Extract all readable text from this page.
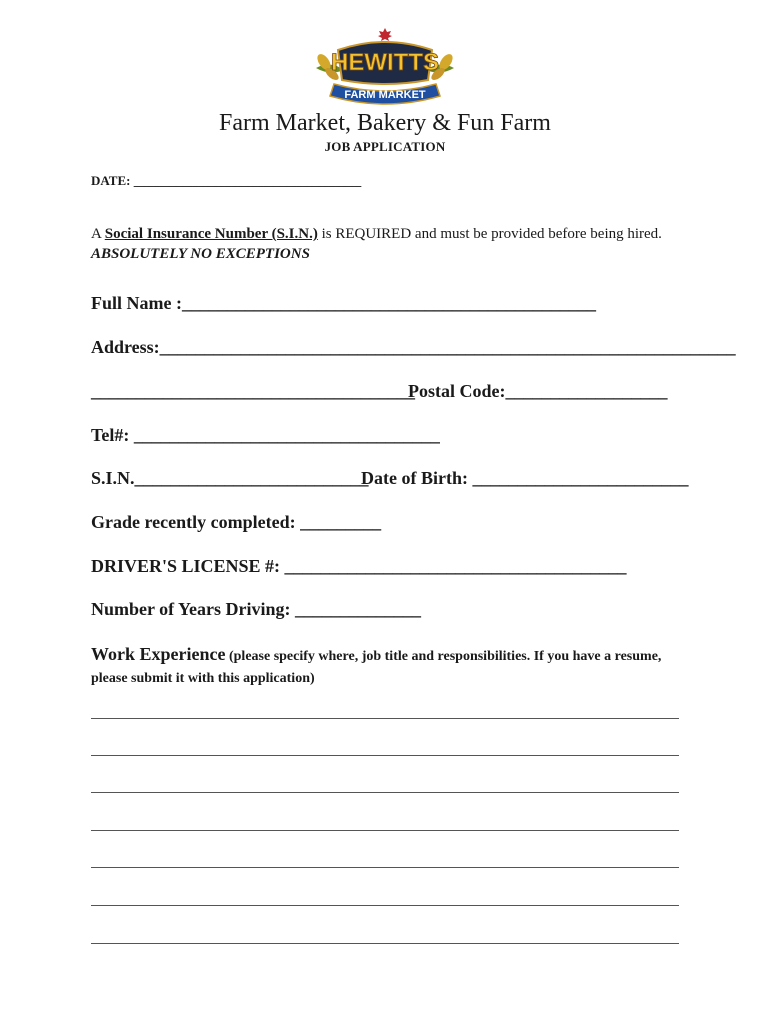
HEWITTS
FARM MARKET
Farm Market, Bakery & Fun Farm
JOB APPLICATION
DATE: ___________________________________
A Social Insurance Number (S.I.N.) is REQUIRED and must be provided before being hired. ABSOLUTELY NO EXCEPTIONS
Full Name :______________________________________________
Address:________________________________________________________________
____________________________________
Postal Code:__________________
Tel#: __________________________________
S.I.N.__________________________
Date of Birth: ________________________
Grade recently completed: _________
DRIVER'S LICENSE #: ______________________________________
Number of Years Driving: ______________
Work Experience (please specify where, job title and responsibilities. If you have a resume, please submit it with this application)
